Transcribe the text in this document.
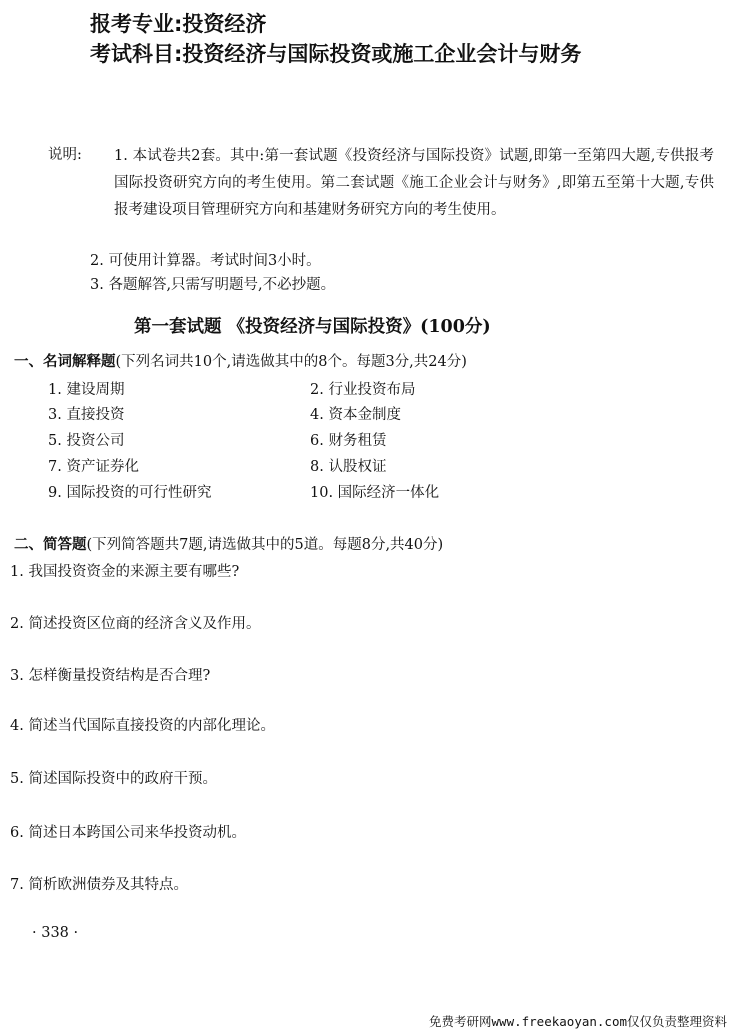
报考专业:投资经济
考试科目:投资经济与国际投资或施工企业会计与财务
说明: 1. 本试卷共2套。其中:第一套试题《投资经济与国际投资》试题,即第一至第四大题,专供报考国际投资研究方向的考生使用。第二套试题《施工企业会计与财务》,即第五至第十大题,专供报考建设项目管理研究方向和基建财务研究方向的考生使用。
2. 可使用计算器。考试时间3小时。
3. 各题解答,只需写明题号,不必抄题。
第一套试题 《投资经济与国际投资》(100分)
一、名词解释题(下列名词共10个,请选做其中的8个。每题3分,共24分)
1. 建设周期	2. 行业投资布局
3. 直接投资	4. 资本金制度
5. 投资公司	6. 财务租赁
7. 资产证券化	8. 认股权证
9. 国际投资的可行性研究	10. 国际经济一体化
二、简答题(下列简答题共7题,请选做其中的5道。每题8分,共40分)
1. 我国投资资金的来源主要有哪些?
2. 简述投资区位商的经济含义及作用。
3. 怎样衡量投资结构是否合理?
4. 简述当代国际直接投资的内部化理论。
5. 简述国际投资中的政府干预。
6. 简述日本跨国公司来华投资动机。
7. 简析欧洲债券及其特点。
· 338 ·
免费考研网www.freekaoyan.com仅仅负责整理资料
